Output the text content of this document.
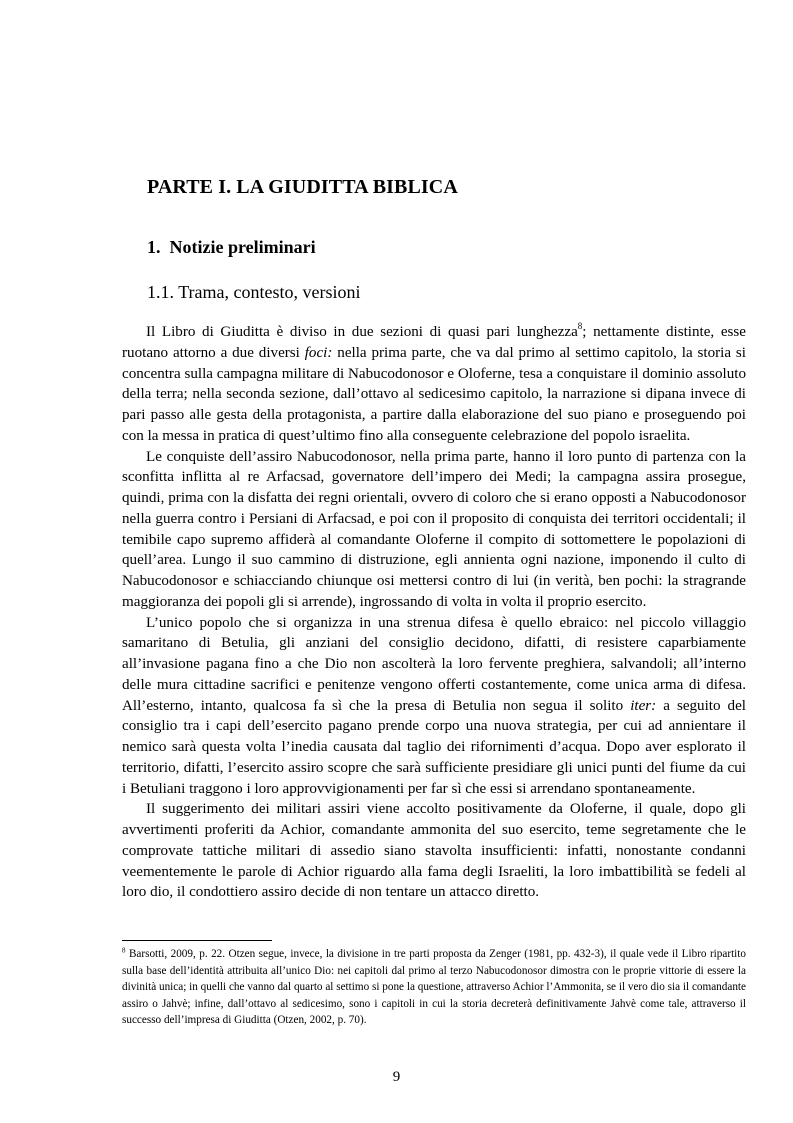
PARTE I. LA GIUDITTA BIBLICA
1. Notizie preliminari
1.1. Trama, contesto, versioni

Il Libro di Giuditta è diviso in due sezioni di quasi pari lunghezza$^8$; nettamente distinte, esse ruotano attorno a due diversi foci: nella prima parte, che va dal primo al settimo capitolo, la storia si concentra sulla campagna militare di Nabucodonosor e Oloferne, tesa a conquistare il dominio assoluto della terra; nella seconda sezione, dall’ottavo al sedicesimo capitolo, la narrazione si dipana invece di pari passo alle gesta della protagonista, a partire dalla elaborazione del suo piano e proseguendo poi con la messa in pratica di quest’ultimo fino alla conseguente celebrazione del popolo israelita.

Le conquiste dell’assiro Nabucodonosor, nella prima parte, hanno il loro punto di partenza con la sconfitta inflitta al re Arfacsad, governatore dell’impero dei Medi; la campagna assira prosegue, quindi, prima con la disfatta dei regni orientali, ovvero di coloro che si erano opposti a Nabucodonosor nella guerra contro i Persiani di Arfacsad, e poi con il proposito di conquista dei territori occidentali; il temibile capo supremo affiderà al comandante Oloferne il compito di sottomettere le popolazioni di quell’area. Lungo il suo cammino di distruzione, egli annienta ogni nazione, imponendo il culto di Nabucodonosor e schiacciando chiunque osi mettersi contro di lui (in verità, ben pochi: la stragrande maggioranza dei popoli gli si arrende), ingrossando di volta in volta il proprio esercito.

L’unico popolo che si organizza in una strenua difesa è quello ebraico: nel piccolo villaggio samaritano di Betulia, gli anziani del consiglio decidono, difatti, di resistere caparbiamente all’invasione pagana fino a che Dio non ascolterà la loro fervente preghiera, salvandoli; all’interno delle mura cittadine sacrifici e penitenze vengono offerti costantemente, come unica arma di difesa. All’esterno, intanto, qualcosa fa sì che la presa di Betulia non segua il solito iter: a seguito del consiglio tra i capi dell’esercito pagano prende corpo una nuova strategia, per cui ad annientare il nemico sarà questa volta l’inedia causata dal taglio dei rifornimenti d’acqua. Dopo aver esplorato il territorio, difatti, l’esercito assiro scopre che sarà sufficiente presidiare gli unici punti del fiume da cui i Betuliani traggono i loro approvvigionamenti per far sì che essi si arrendano spontaneamente.

Il suggerimento dei militari assiri viene accolto positivamente da Oloferne, il quale, dopo gli avvertimenti proferiti da Achior, comandante ammonita del suo esercito, teme segretamente che le comprovate tattiche militari di assedio siano stavolta insufficienti: infatti, nonostante condanni veementemente le parole di Achior riguardo alla fama degli Israeliti, la loro imbattibilità se fedeli al loro dio, il condottiero assiro decide di non tentare un attacco diretto.

$^8$ Barsotti, 2009, p. 22. Otzen segue, invece, la divisione in tre parti proposta da Zenger (1981, pp. 432-3), il quale vede il Libro ripartito sulla base dell’identità attribuita all’unico Dio: nei capitoli dal primo al terzo Nabucodonosor dimostra con le proprie vittorie di essere la divinità unica; in quelli che vanno dal quarto al settimo si pone la questione, attraverso Achior l’Ammonita, se il vero dio sia il comandante assiro o Jahvè; infine, dall’ottavo al sedicesimo, sono i capitoli in cui la storia decreterà definitivamente Jahvè come tale, attraverso il successo dell’impresa di Giuditta (Otzen, 2002, p. 70).

9
